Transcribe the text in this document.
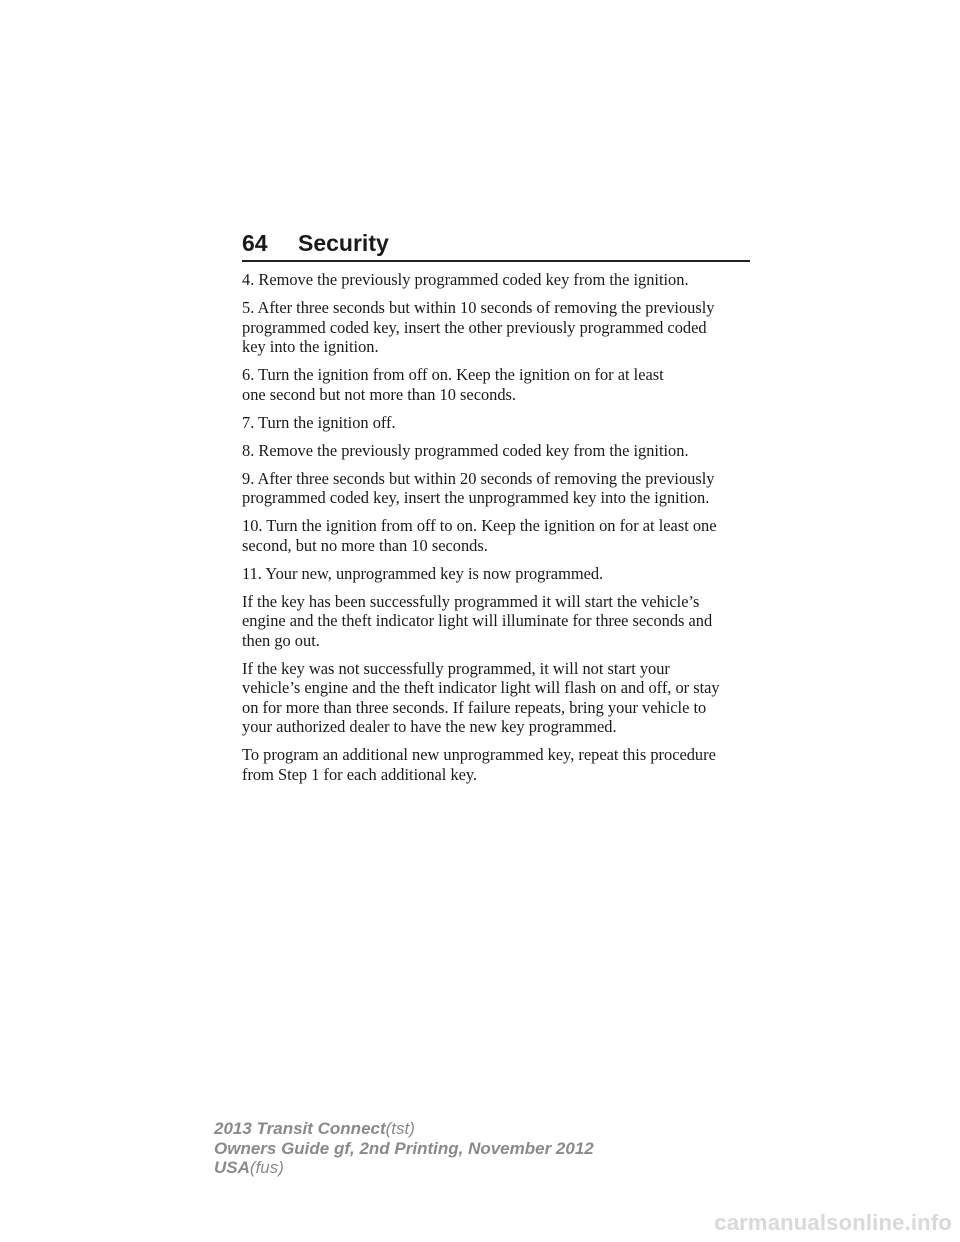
64 Security

4. Remove the previously programmed coded key from the ignition.

5. After three seconds but within 10 seconds of removing the previously
programmed coded key, insert the other previously programmed coded
key into the ignition.

6. Turn the ignition from off on. Keep the ignition on for at least
one second but not more than 10 seconds.

7. Turn the ignition off.

8. Remove the previously programmed coded key from the ignition.

9. After three seconds but within 20 seconds of removing the previously
programmed coded key, insert the unprogrammed key into the ignition.

10. Turn the ignition from off to on. Keep the ignition on for at least one
second, but no more than 10 seconds.

11. Your new, unprogrammed key is now programmed.

If the key has been successfully programmed it will start the vehicle’s
engine and the theft indicator light will illuminate for three seconds and
then go out.

If the key was not successfully programmed, it will not start your
vehicle’s engine and the theft indicator light will flash on and off, or stay
on for more than three seconds. If failure repeats, bring your vehicle to
your authorized dealer to have the new key programmed.

To program an additional new unprogrammed key, repeat this procedure
from Step 1 for each additional key.

2013 Transit Connect(tst)
Owners Guide gf, 2nd Printing, November 2012
USA(fus)
carmanualsonline.info
